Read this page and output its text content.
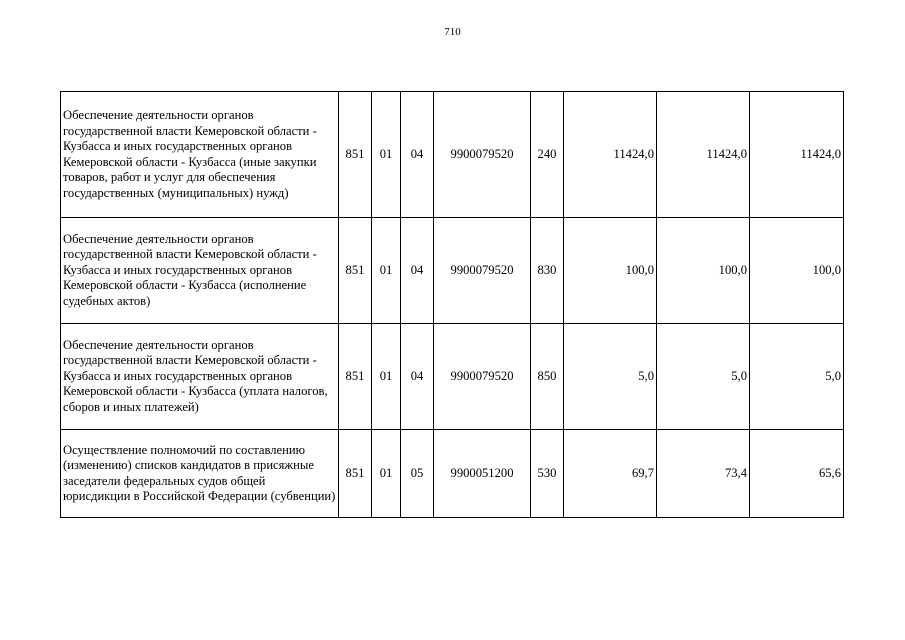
710
Обеспечение деятельности органов государственной власти Кемеровской области - Кузбасса и иных государственных органов Кемеровской области - Кузбасса (иные закупки товаров, работ и услуг для обеспечения государственных (муниципальных) нужд)	851	01	04	9900079520	240	11424,0	11424,0	11424,0
Обеспечение деятельности органов государственной власти Кемеровской области - Кузбасса и иных государственных органов Кемеровской области - Кузбасса (исполнение судебных актов)	851	01	04	9900079520	830	100,0	100,0	100,0
Обеспечение деятельности органов государственной власти Кемеровской области - Кузбасса и иных государственных органов Кемеровской области - Кузбасса (уплата налогов, сборов и иных платежей)	851	01	04	9900079520	850	5,0	5,0	5,0
Осуществление полномочий по составлению (изменению) списков кандидатов в присяжные заседатели федеральных судов общей юрисдикции в Российской Федерации (субвенции)	851	01	05	9900051200	530	69,7	73,4	65,6
